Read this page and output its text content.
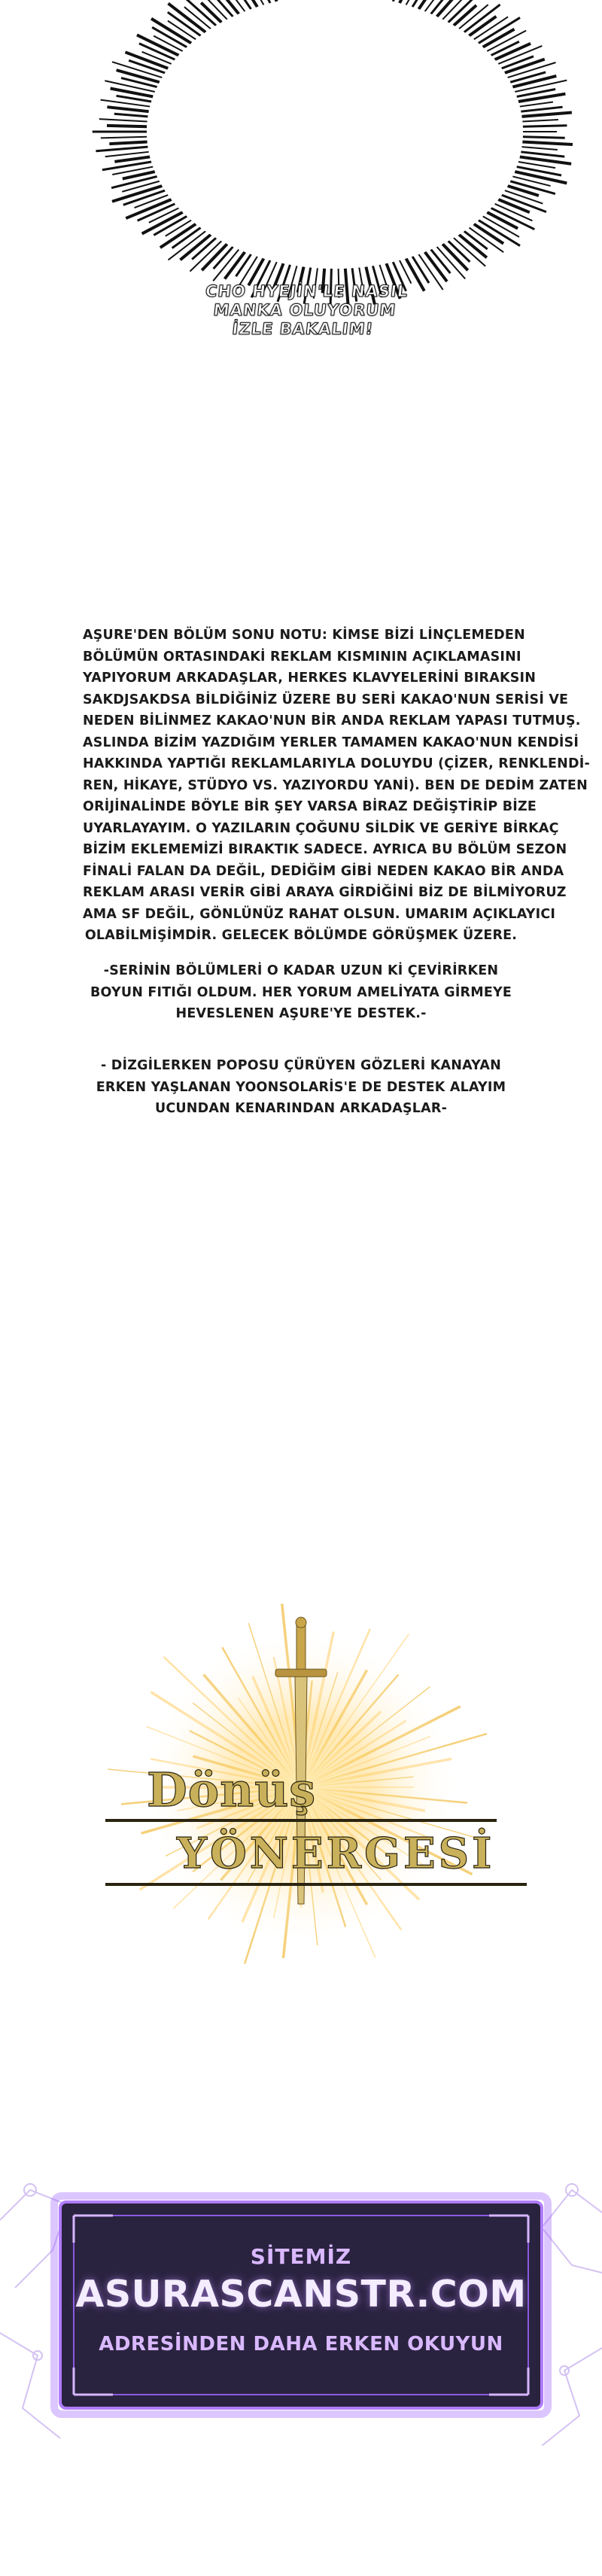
CHO HYEJİN'LE NASIL
MANKA OLUYORUM
İZLE BAKALIM!
AŞURE'DEN BÖLÜM SONU NOTU: KİMSE BİZİ LİNÇLEMEDEN
BÖLÜMÜN ORTASINDAKİ REKLAM KISMININ AÇIKLAMASINI
YAPIYORUM ARKADAŞLAR, HERKES KLAVYELERİNİ BIRAKSIN
SAKDJSAKDSA BİLDİĞİNİZ ÜZERE BU SERİ KAKAO'NUN SERİSİ VE
NEDEN BİLİNMEZ KAKAO'NUN BİR ANDA REKLAM YAPASI TUTMUŞ.
ASLINDA BİZİM YAZDIĞIM YERLER TAMAMEN KAKAO'NUN KENDİSİ
HAKKINDA YAPTIĞI REKLAMLARIYLA DOLUYDU (ÇİZER, RENKLENDİ-
REN, HİKAYE, STÜDYO VS. YAZIYORDU YANİ). BEN DE DEDİM ZATEN
ORİJİNALİNDE BÖYLE BİR ŞEY VARSA BİRAZ DEĞİŞTİRİP BİZE
UYARLAYAYIM. O YAZILARIN ÇOĞUNU SİLDİK VE GERİYE BİRKAÇ
BİZİM EKLEMEMİZİ BIRAKTIK SADECE. AYRICA BU BÖLÜM SEZON
FİNALİ FALAN DA DEĞİL, DEDİĞİM GİBİ NEDEN KAKAO BİR ANDA
REKLAM ARASI VERİR GİBİ ARAYA GİRDİĞİNİ BİZ DE BİLMİYORUZ
AMA SF DEĞİL, GÖNLÜNÜZ RAHAT OLSUN. UMARIM AÇIKLAYICI
OLABİLMİŞİMDİR. GELECEK BÖLÜMDE GÖRÜŞMEK ÜZERE.
-SERİNİN BÖLÜMLERİ O KADAR UZUN Kİ ÇEVİRİRKEN
BOYUN FITIĞI OLDUM. HER YORUM AMELİYATA GİRMEYE
HEVESLENEN AŞURE'YE DESTEK.-
- DİZGİLERKEN POPOSU ÇÜRÜYEN GÖZLERİ KANAYAN
ERKEN YAŞLANAN YOONSOLARİS'E DE DESTEK ALAYIM
UCUNDAN KENARINDAN ARKADAŞLAR-
Dönüş
YÖNERGESİ
SİTEMİZ
ASURASCANSTR.COM
ADRESİNDEN DAHA ERKEN OKUYUN
